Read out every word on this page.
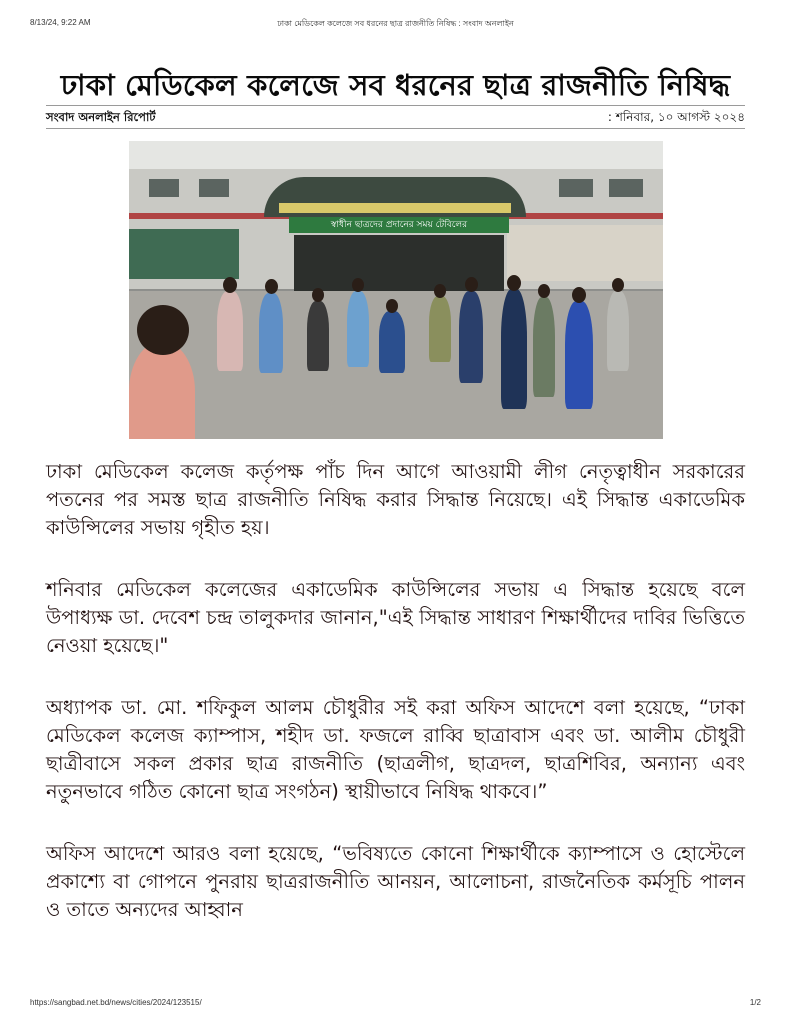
8/13/24, 9:22 AM	ঢাকা মেডিকেল কলেজে সব ধরনের ছাত্র রাজনীতি নিষিদ্ধ : সংবাদ অনলাইন
ঢাকা মেডিকেল কলেজে সব ধরনের ছাত্র রাজনীতি নিষিদ্ধ
সংবাদ অনলাইন রিপোর্ট	: শনিবার, ১০ আগস্ট ২০২৪
স্বাধীন ছাত্রদের প্রদানের সময় টেবিলের

ঢাকা মেডিকেল কলেজ কর্তৃপক্ষ পাঁচ দিন আগে আওয়ামী লীগ নেতৃত্বাধীন সরকারের পতনের পর সমস্ত ছাত্র রাজনীতি নিষিদ্ধ করার সিদ্ধান্ত নিয়েছে। এই সিদ্ধান্ত একাডেমিক কাউন্সিলের সভায় গৃহীত হয়।

শনিবার মেডিকেল কলেজের একাডেমিক কাউন্সিলের সভায় এ সিদ্ধান্ত হয়েছে বলে উপাধ্যক্ষ ডা. দেবেশ চন্দ্র তালুকদার জানান,"এই সিদ্ধান্ত সাধারণ শিক্ষার্থীদের দাবির ভিত্তিতে নেওয়া হয়েছে।"

অধ্যাপক ডা. মো. শফিকুল আলম চৌধুরীর সই করা অফিস আদেশে বলা হয়েছে, “ঢাকা মেডিকেল কলেজ ক্যাম্পাস, শহীদ ডা. ফজলে রাব্বি ছাত্রাবাস এবং ডা. আলীম চৌধুরী ছাত্রীবাসে সকল প্রকার ছাত্র রাজনীতি (ছাত্রলীগ, ছাত্রদল, ছাত্রশিবির, অন্যান্য এবং নতুনভাবে গঠিত কোনো ছাত্র সংগঠন) স্থায়ীভাবে নিষিদ্ধ থাকবে।”

অফিস আদেশে আরও বলা হয়েছে, “ভবিষ্যতে কোনো শিক্ষার্থীকে ক্যাম্পাসে ও হোস্টেলে প্রকাশ্যে বা গোপনে পুনরায় ছাত্ররাজনীতি আনয়ন, আলোচনা, রাজনৈতিক কর্মসূচি পালন ও তাতে অন্যদের আহ্বান

https://sangbad.net.bd/news/cities/2024/123515/	1/2
